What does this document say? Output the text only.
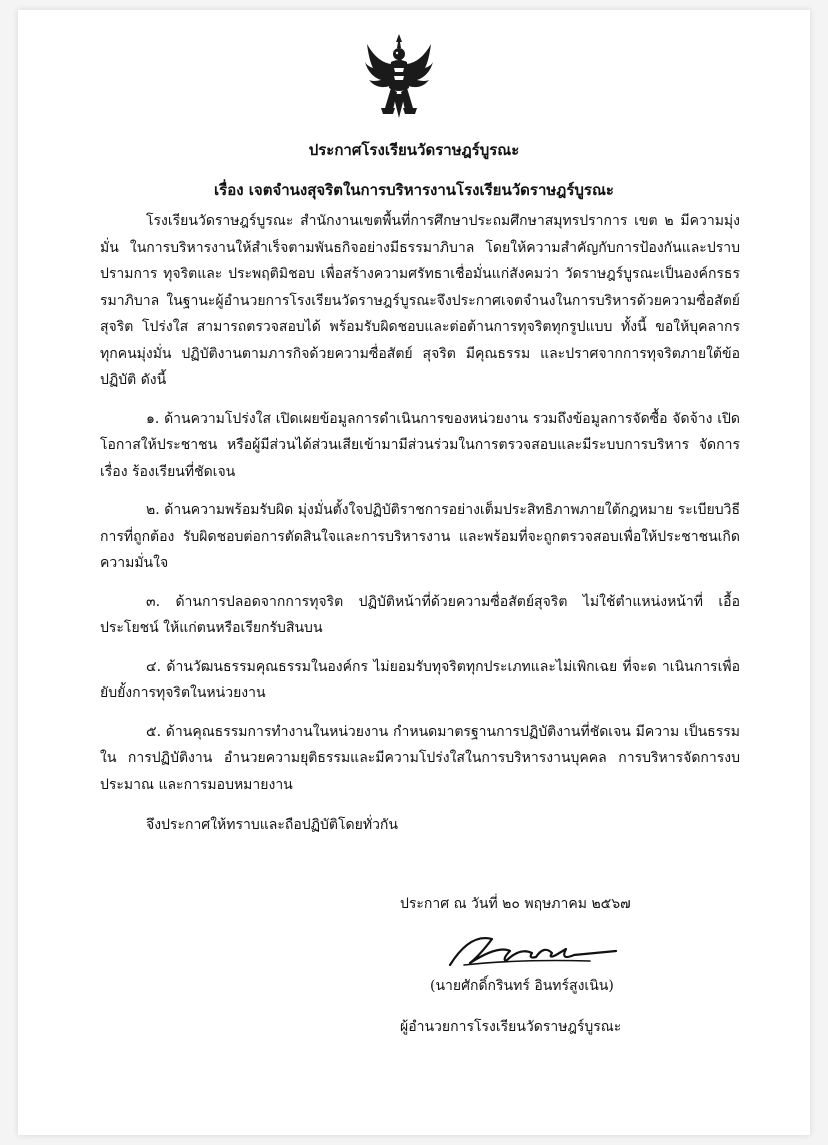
ประกาศโรงเรียนวัดราษฎร์บูรณะ

เรื่อง เจตจำนงสุจริตในการบริหารงานโรงเรียนวัดราษฎร์บูรณะ

โรงเรียนวัดราษฎร์บูรณะ สำนักงานเขตพื้นที่การศึกษาประถมศึกษาสมุทรปราการ เขต ๒ มีความมุ่งมั่น ในการบริหารงานให้สำเร็จตามพันธกิจอย่างมีธรรมาภิบาล โดยให้ความสำคัญกับการป้องกันและปราบปรามการ ทุจริตและ ประพฤติมิชอบ เพื่อสร้างความศรัทธาเชื่อมั่นแก่สังคมว่า วัดราษฎร์บูรณะเป็นองค์กรธรรมาภิบาล ในฐานะผู้อำนวยการโรงเรียนวัดราษฎร์บูรณะจึงประกาศเจตจำนงในการบริหารด้วยความซื่อสัตย์ สุจริต โปร่งใส สามารถตรวจสอบได้ พร้อมรับผิดชอบและต่อต้านการทุจริตทุกรูปแบบ ทั้งนี้ ขอให้บุคลากร ทุกคนมุ่งมั่น ปฏิบัติงานตามภารกิจด้วยความซื่อสัตย์ สุจริต มีคุณธรรม และปราศจากการทุจริตภายใต้ข้อปฏิบัติ ดังนี้

๑. ด้านความโปร่งใส เปิดเผยข้อมูลการดำเนินการของหน่วยงาน รวมถึงข้อมูลการจัดซื้อ จัดจ้าง เปิดโอกาสให้ประชาชน หรือผู้มีส่วนได้ส่วนเสียเข้ามามีส่วนร่วมในการตรวจสอบและมีระบบการบริหาร จัดการเรื่อง ร้องเรียนที่ชัดเจน

๒. ด้านความพร้อมรับผิด มุ่งมั่นตั้งใจปฏิบัติราชการอย่างเต็มประสิทธิภาพภายใต้กฎหมาย ระเบียบวิธีการที่ถูกต้อง รับผิดชอบต่อการตัดสินใจและการบริหารงาน และพร้อมที่จะถูกตรวจสอบเพื่อให้ประชาชนเกิดความมั่นใจ

๓. ด้านการปลอดจากการทุจริต ปฏิบัติหน้าที่ด้วยความซื่อสัตย์สุจริต ไม่ใช้ตำแหน่งหน้าที่ เอื้อประโยชน์ ให้แก่ตนหรือเรียกรับสินบน

๔. ด้านวัฒนธรรมคุณธรรมในองค์กร ไม่ยอมรับทุจริตทุกประเภทและไม่เพิกเฉย ที่จะด าเนินการเพื่อ ยับยั้งการทุจริตในหน่วยงาน

๕. ด้านคุณธรรมการทำงานในหน่วยงาน กำหนดมาตรฐานการปฏิบัติงานที่ชัดเจน มีความ เป็นธรรมใน การปฏิบัติงาน อำนวยความยุติธรรมและมีความโปร่งใสในการบริหารงานบุคคล การบริหารจัดการงบประมาณ และการมอบหมายงาน

จึงประกาศให้ทราบและถือปฏิบัติโดยทั่วกัน

ประกาศ ณ วันที่ ๒๐ พฤษภาคม ๒๕๖๗
(นายศักดิ์กรินทร์ อินทร์สูงเนิน)
ผู้อำนวยการโรงเรียนวัดราษฎร์บูรณะ
